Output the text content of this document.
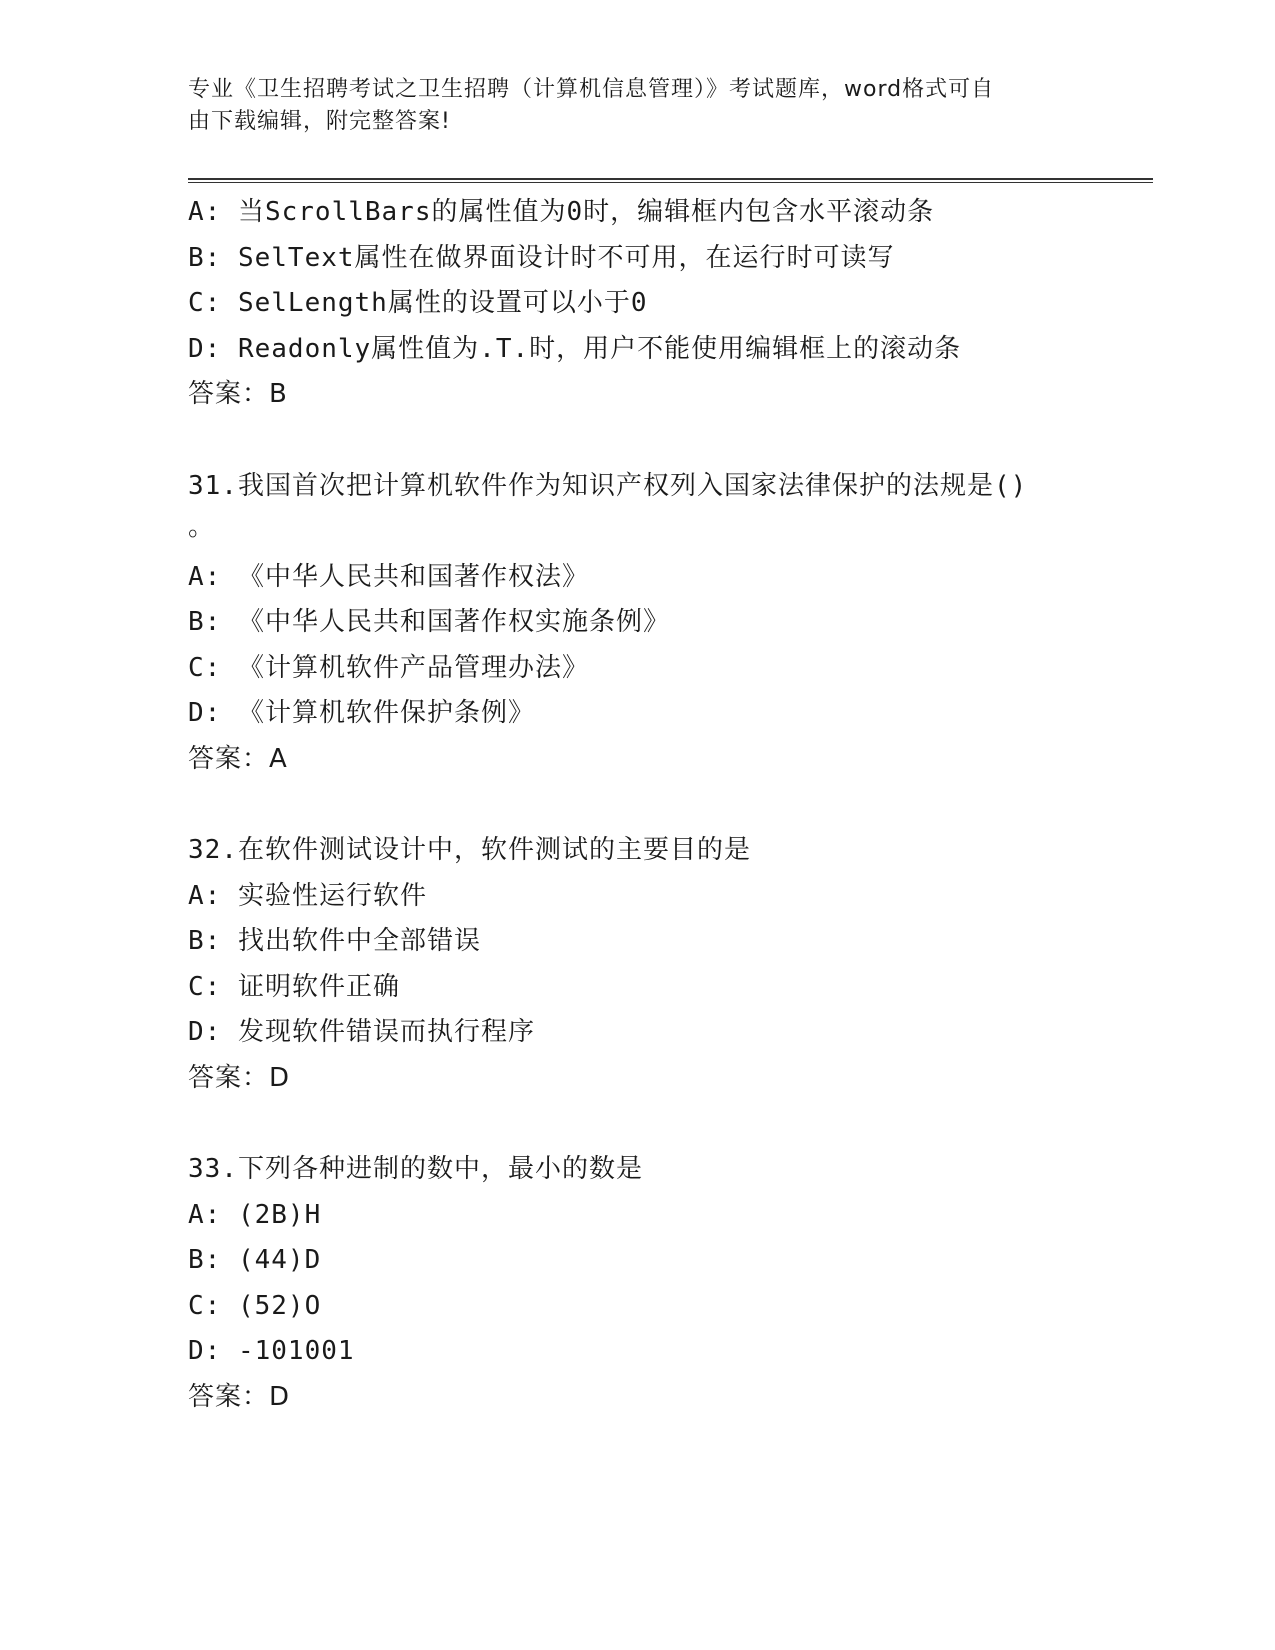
专业《卫生招聘考试之卫生招聘（计算机信息管理）》考试题库，word格式可自
由下载编辑，附完整答案!
A: 当ScrollBars的属性值为0时，编辑框内包含水平滚动条
B: SelText属性在做界面设计时不可用，在运行时可读写
C: SelLength属性的设置可以小于0
D: Readonly属性值为.T.时，用户不能使用编辑框上的滚动条
答案：B
31.我国首次把计算机软件作为知识产权列入国家法律保护的法规是()
。
A: 《中华人民共和国著作权法》
B: 《中华人民共和国著作权实施条例》
C: 《计算机软件产品管理办法》
D: 《计算机软件保护条例》
答案：A
32.在软件测试设计中，软件测试的主要目的是
A: 实验性运行软件
B: 找出软件中全部错误
C: 证明软件正确
D: 发现软件错误而执行程序
答案：D
33.下列各种进制的数中，最小的数是
A: (2B)H
B: (44)D
C: (52)O
D: -101001
答案：D
